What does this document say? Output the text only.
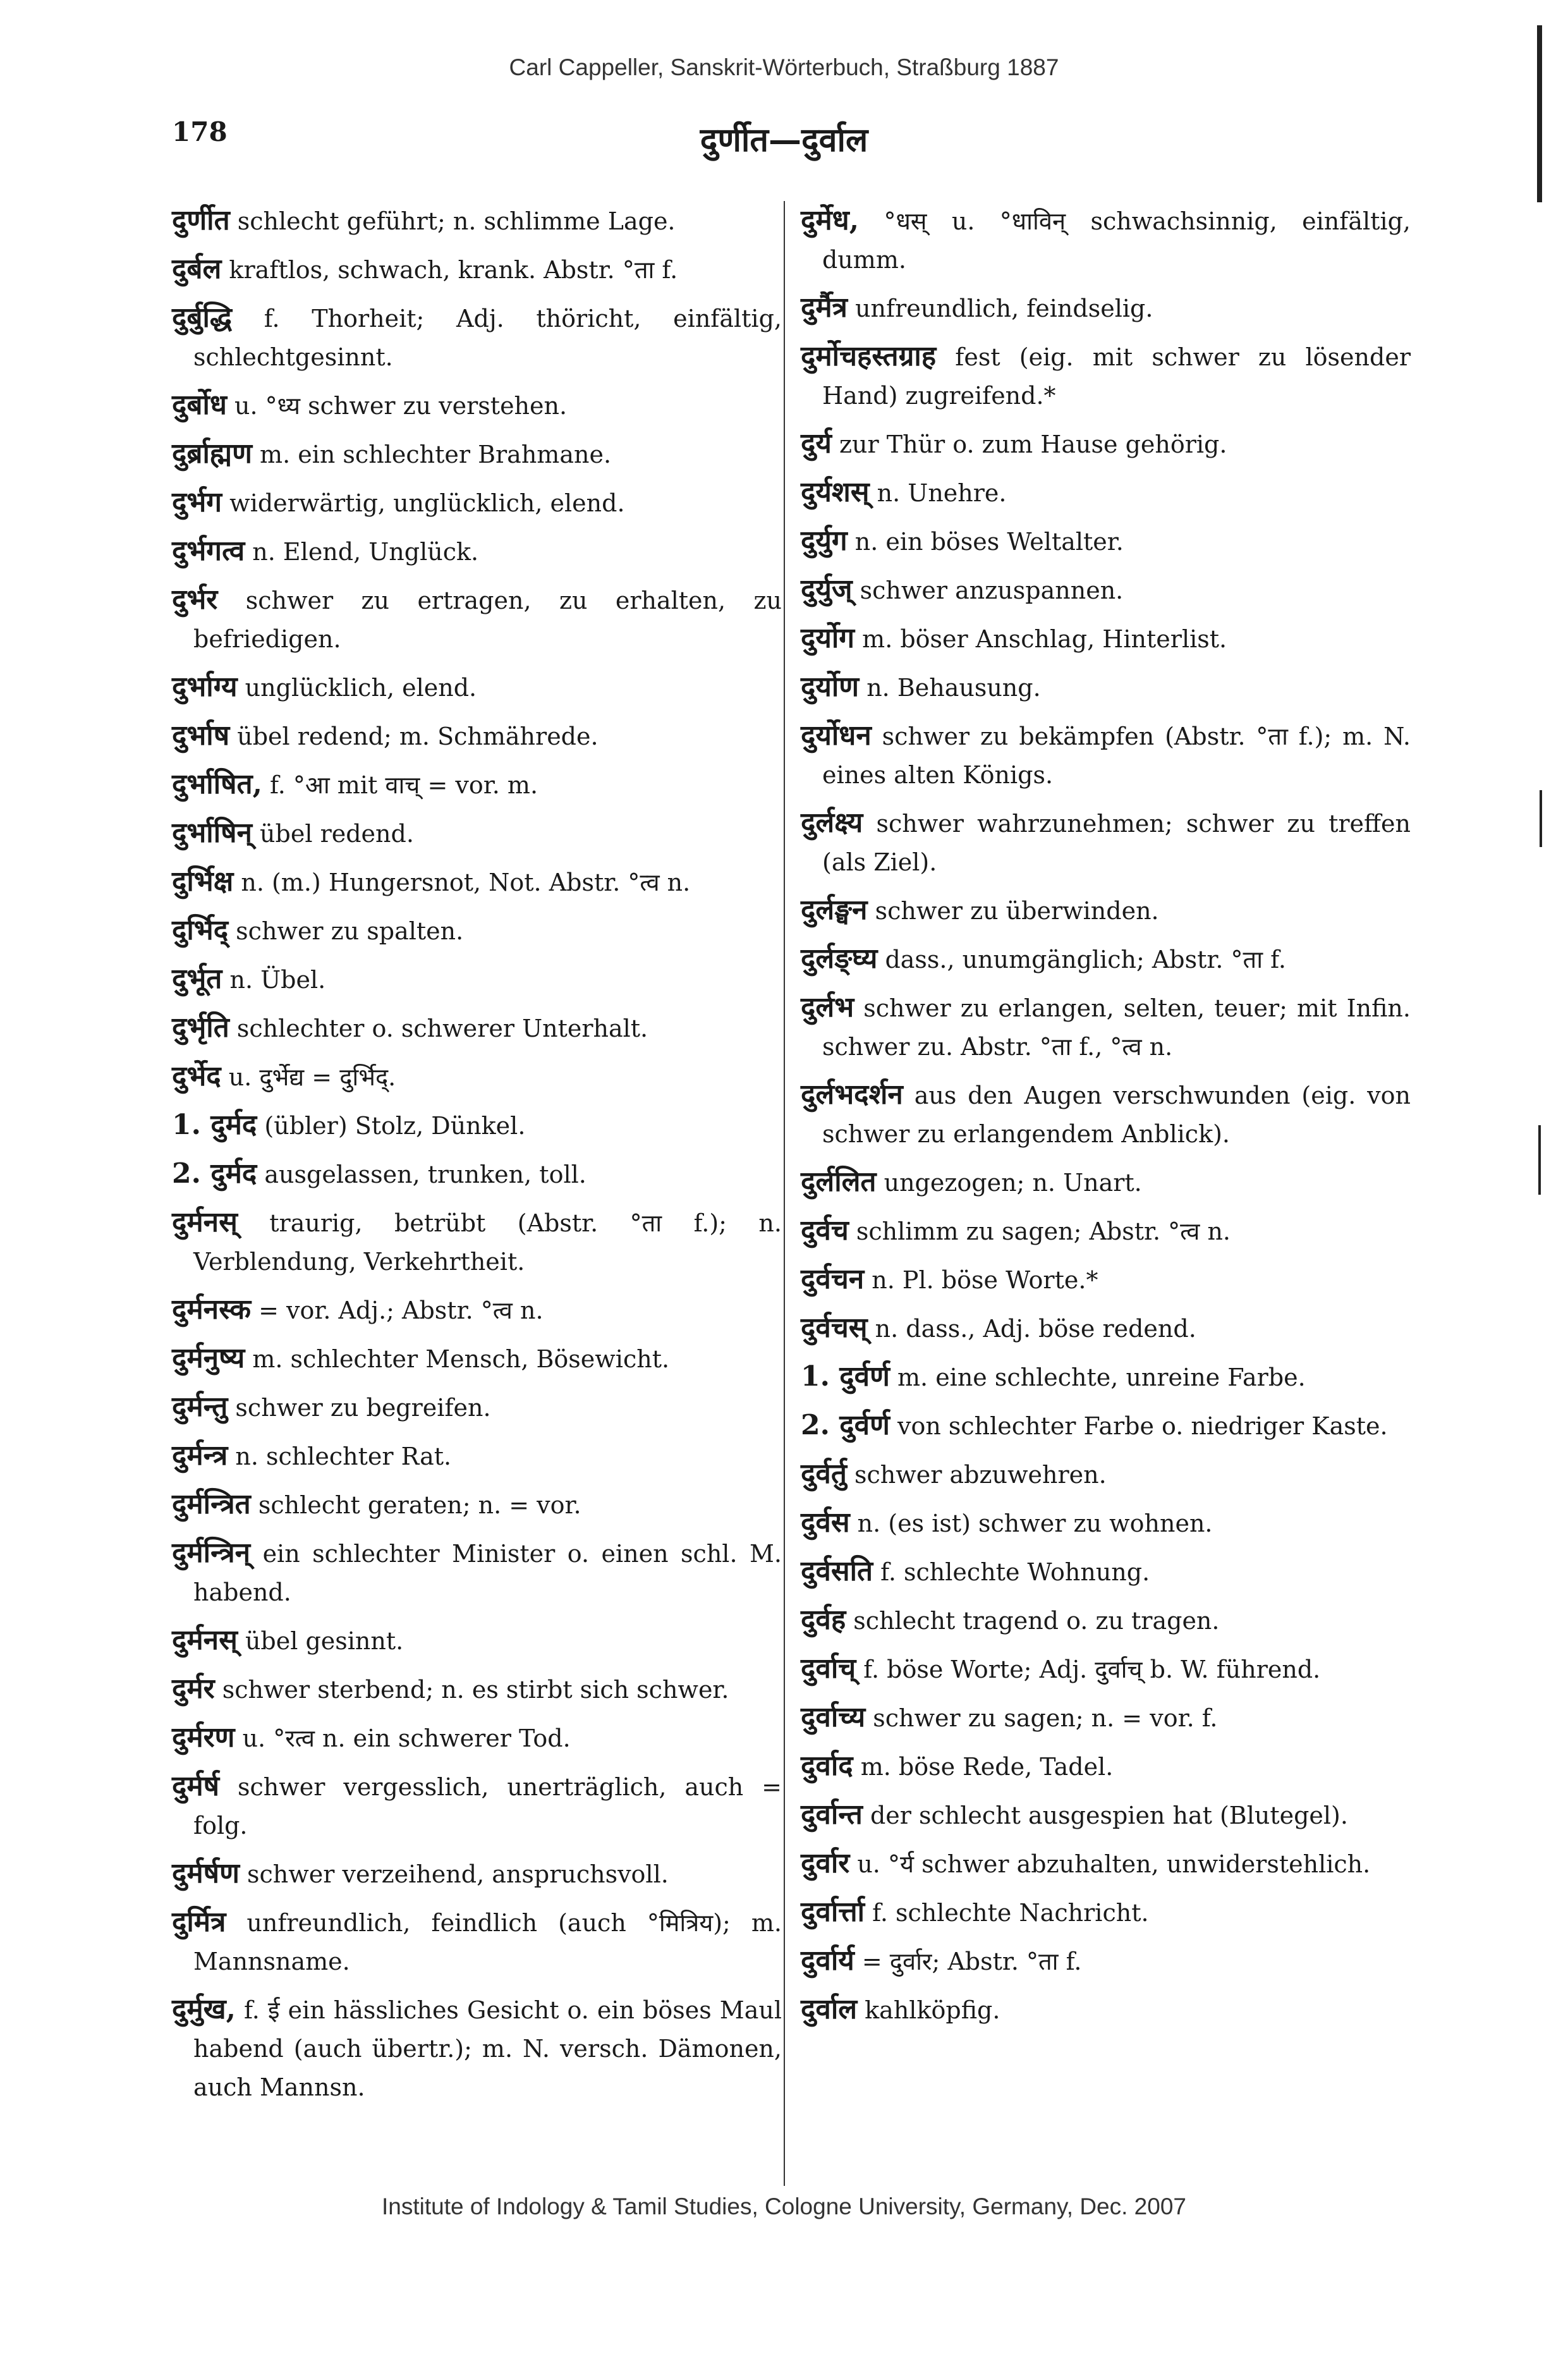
Carl Cappeller, Sanskrit-Wörterbuch, Straßburg 1887
178	दुर्णीत—दुर्वाल

दुर्णीत schlecht geführt; n. schlimme Lage.

दुर्बल kraftlos, schwach, krank. Abstr. °ता f.

दुर्बुद्धि f. Thorheit; Adj. thöricht, einfältig, schlechtgesinnt.

दुर्बोध u. °ध्य schwer zu verstehen.

दुर्ब्राह्मण m. ein schlechter Brahmane.

दुर्भग widerwärtig, unglücklich, elend.

दुर्भगत्व n. Elend, Unglück.

दुर्भर schwer zu ertragen, zu erhalten, zu befriedigen.

दुर्भाग्य unglücklich, elend.

दुर्भाष übel redend; m. Schmährede.

दुर्भाषित, f. °आ mit वाच् = vor. m.

दुर्भाषिन् übel redend.

दुर्भिक्ष n. (m.) Hungersnot, Not. Abstr. °त्व n.

दुर्भिद् schwer zu spalten.

दुर्भूत n. Übel.

दुर्भृति schlechter o. schwerer Unterhalt.

दुर्भेद u. दुर्भेद्य = दुर्भिद्.

1. दुर्मद (übler) Stolz, Dünkel.

2. दुर्मद ausgelassen, trunken, toll.

दुर्मनस् traurig, betrübt (Abstr. °ता f.); n. Verblendung, Verkehrtheit.

दुर्मनस्क = vor. Adj.; Abstr. °त्व n.

दुर्मनुष्य m. schlechter Mensch, Bösewicht.

दुर्मन्तु schwer zu begreifen.

दुर्मन्त्र n. schlechter Rat.

दुर्मन्त्रित schlecht geraten; n. = vor.

दुर्मन्त्रिन् ein schlechter Minister o. einen schl. M. habend.

दुर्मनस् übel gesinnt.

दुर्मर schwer sterbend; n. es stirbt sich schwer.

दुर्मरण u. °रत्व n. ein schwerer Tod.

दुर्मर्ष schwer vergesslich, unerträglich, auch = folg.

दुर्मर्षण schwer verzeihend, anspruchsvoll.

दुर्मित्र unfreundlich, feindlich (auch °मित्रिय); m. Mannsname.

दुर्मुख, f. ई ein hässliches Gesicht o. ein böses Maul habend (auch übertr.); m. N. versch. Dämonen, auch Mannsn.

दुर्मेध, °धस् u. °धाविन् schwachsinnig, einfältig, dumm.

दुर्मैत्र unfreundlich, feindselig.

दुर्मोचहस्तग्राह fest (eig. mit schwer zu lösender Hand) zugreifend.*

दुर्य zur Thür o. zum Hause gehörig.

दुर्यशस् n. Unehre.

दुर्युग n. ein böses Weltalter.

दुर्युज् schwer anzuspannen.

दुर्योग m. böser Anschlag, Hinterlist.

दुर्योण n. Behausung.

दुर्योधन schwer zu bekämpfen (Abstr. °ता f.); m. N. eines alten Königs.

दुर्लक्ष्य schwer wahrzunehmen; schwer zu treffen (als Ziel).

दुर्लङ्घन schwer zu überwinden.

दुर्लङ्घ्य dass., unumgänglich; Abstr. °ता f.

दुर्लभ schwer zu erlangen, selten, teuer; mit Infin. schwer zu. Abstr. °ता f., °त्व n.

दुर्लभदर्शन aus den Augen verschwunden (eig. von schwer zu erlangendem Anblick).

दुर्ललित ungezogen; n. Unart.

दुर्वच schlimm zu sagen; Abstr. °त्व n.

दुर्वचन n. Pl. böse Worte.*

दुर्वचस् n. dass., Adj. böse redend.

1. दुर्वर्ण m. eine schlechte, unreine Farbe.

2. दुर्वर्ण von schlechter Farbe o. niedriger Kaste.

दुर्वर्तु schwer abzuwehren.

दुर्वस n. (es ist) schwer zu wohnen.

दुर्वसति f. schlechte Wohnung.

दुर्वह schlecht tragend o. zu tragen.

दुर्वाच् f. böse Worte; Adj. दुर्वाच् b. W. führend.

दुर्वाच्य schwer zu sagen; n. = vor. f.

दुर्वाद m. böse Rede, Tadel.

दुर्वान्त der schlecht ausgespien hat (Blutegel).

दुर्वार u. °र्य schwer abzuhalten, unwiderstehlich.

दुर्वार्त्ता f. schlechte Nachricht.

दुर्वार्य = दुर्वार; Abstr. °ता f.

दुर्वाल kahlköpfig.

Institute of Indology & Tamil Studies, Cologne University, Germany, Dec. 2007
